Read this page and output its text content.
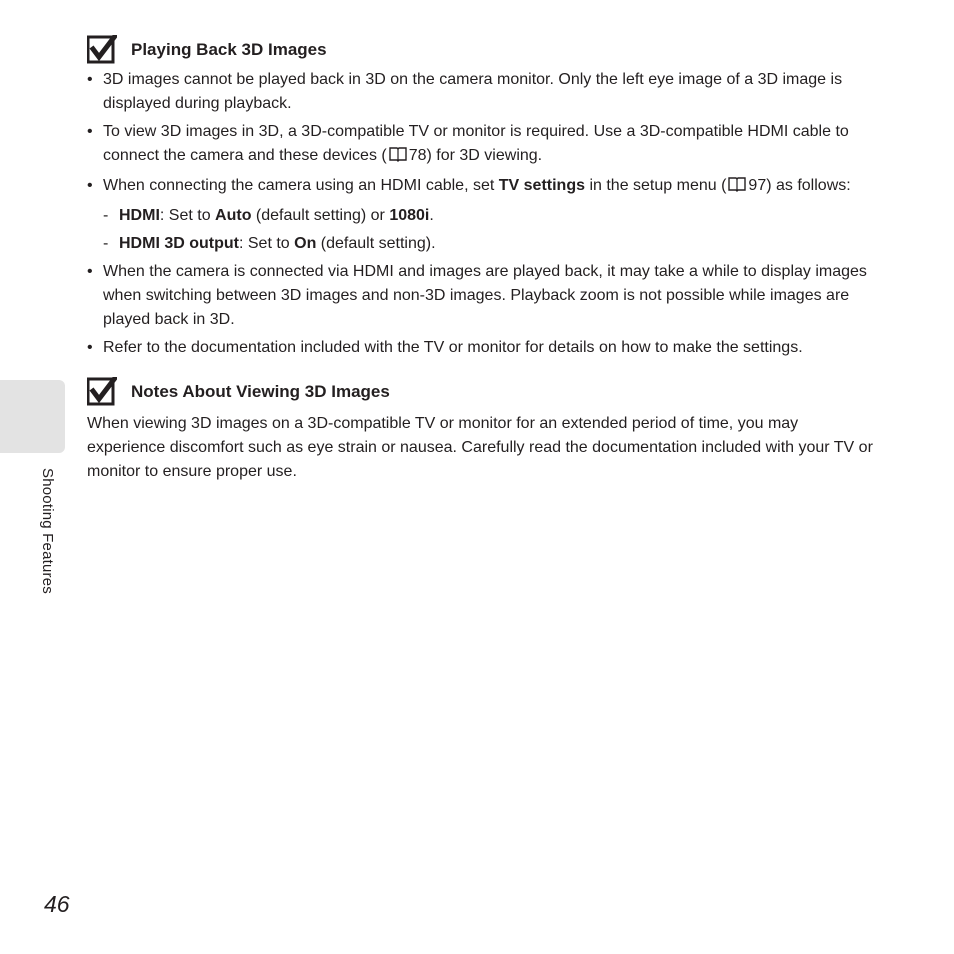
Shooting Features
Playing Back 3D Images
• 3D images cannot be played back in 3D on the camera monitor. Only the left eye image of a 3D image is displayed during playback.
• To view 3D images in 3D, a 3D-compatible TV or monitor is required. Use a 3D-compatible HDMI cable to connect the camera and these devices ( 78) for 3D viewing.
• When connecting the camera using an HDMI cable, set TV settings in the setup menu ( 97) as follows:
- HDMI: Set to Auto (default setting) or 1080i.
- HDMI 3D output: Set to On (default setting).
• When the camera is connected via HDMI and images are played back, it may take a while to display images when switching between 3D images and non-3D images. Playback zoom is not possible while images are played back in 3D.
• Refer to the documentation included with the TV or monitor for details on how to make the settings.
Notes About Viewing 3D Images

When viewing 3D images on a 3D-compatible TV or monitor for an extended period of time, you may experience discomfort such as eye strain or nausea. Carefully read the documentation included with your TV or monitor to ensure proper use.

46
